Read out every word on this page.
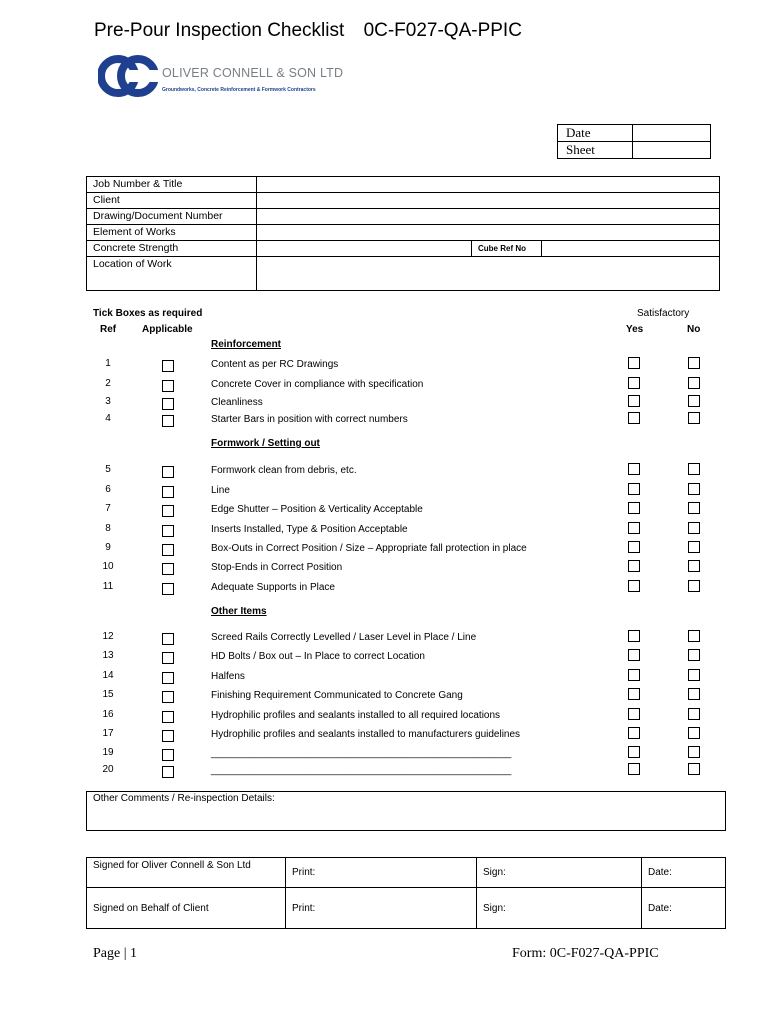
Pre-Pour Inspection Checklist 0C-F027-QA-PPIC
OLIVER CONNELL & SON LTD
Groundworks, Concrete Reinforcement & Formwork Contractors
Date	
Sheet	
Job Number & Title			
Client			
Drawing/Document Number			
Element of Works			
Concrete Strength		Cube Ref No	
Location of Work			
Tick Boxes as required	Satisfactory
Ref	Applicable	Yes	No
Reinforcement
Formwork / Setting out
Other Items
1	Content as per RC Drawings
2	Concrete Cover in compliance with specification
3	Cleanliness
4	Starter Bars in position with correct numbers
5	Formwork clean from debris, etc.
6	Line
7	Edge Shutter – Position & Verticality Acceptable
8	Inserts Installed, Type & Position Acceptable
9	Box-Outs in Correct Position / Size – Appropriate fall protection in place
10	Stop-Ends in Correct Position
11	Adequate Supports in Place
12	Screed Rails Correctly Levelled / Laser Level in Place / Line
13	HD Bolts / Box out – In Place to correct Location
14	Halfens
15	Finishing Requirement Communicated to Concrete Gang
16	Hydrophilic profiles and sealants installed to all required locations
17	Hydrophilic profiles and sealants installed to manufacturers guidelines
19	______________________________________________________
20	______________________________________________________
Other Comments / Re-inspection Details:
Signed for Oliver Connell & Son Ltd	Print:	Sign:	Date:
Signed on Behalf of Client	Print:	Sign:	Date:
Page | 1	Form: 0C-F027-QA-PPIC
